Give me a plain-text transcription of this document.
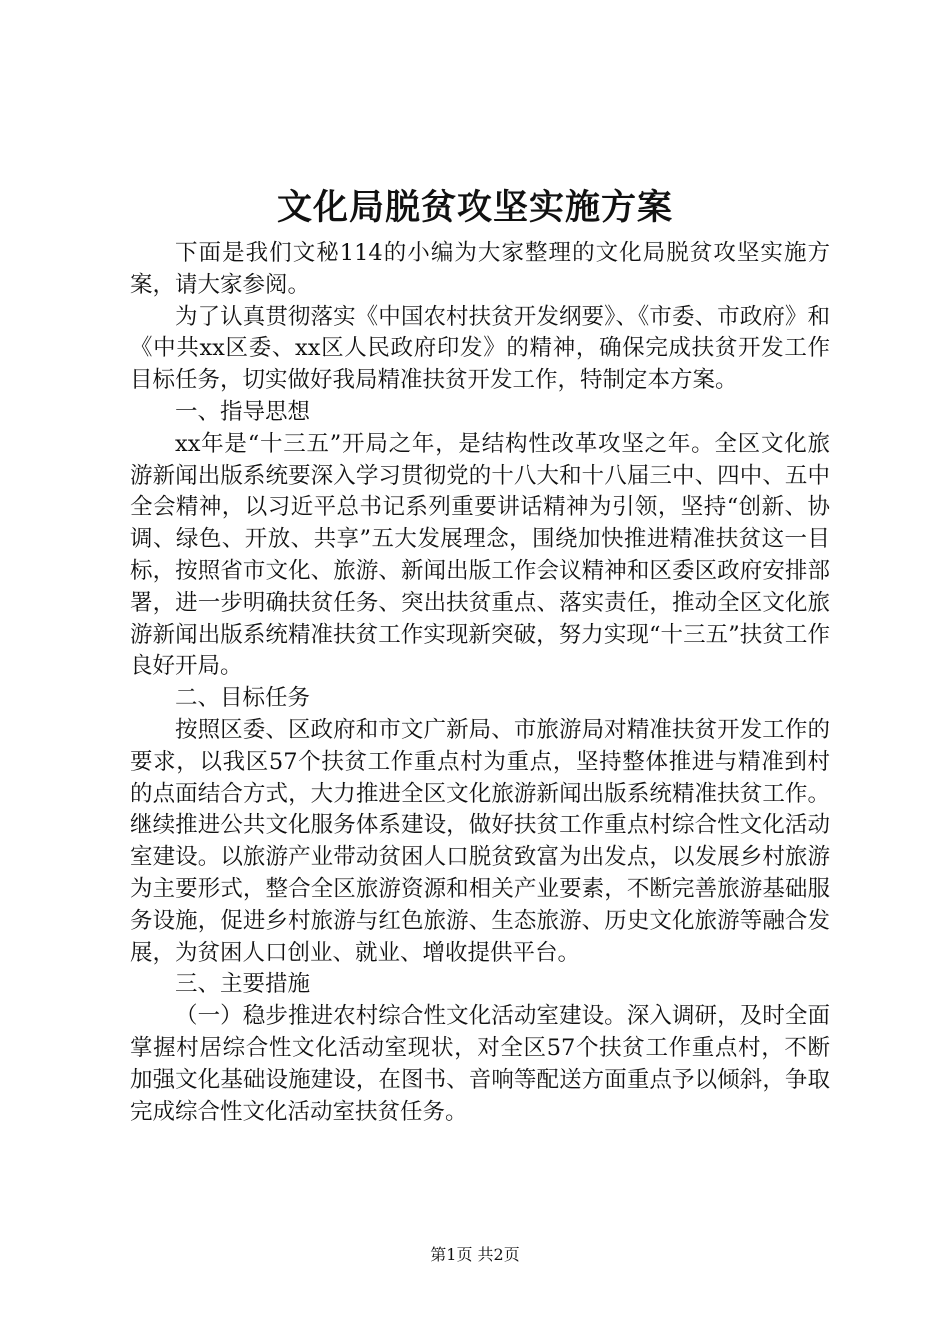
文化局脱贫攻坚实施方案

下面是我们文秘114的小编为大家整理的文化局脱贫攻坚实施方案，请大家参阅。

为了认真贯彻落实《中国农村扶贫开发纲要》、《市委、市政府》和《中共xx区委、xx区人民政府印发》的精神，确保完成扶贫开发工作目标任务，切实做好我局精准扶贫开发工作，特制定本方案。

一、指导思想

xx年是“十三五”开局之年，是结构性改革攻坚之年。全区文化旅游新闻出版系统要深入学习贯彻党的十八大和十八届三中、四中、五中全会精神，以习近平总书记系列重要讲话精神为引领，坚持“创新、协调、绿色、开放、共享”五大发展理念，围绕加快推进精准扶贫这一目标，按照省市文化、旅游、新闻出版工作会议精神和区委区政府安排部署，进一步明确扶贫任务、突出扶贫重点、落实责任，推动全区文化旅游新闻出版系统精准扶贫工作实现新突破，努力实现“十三五”扶贫工作良好开局。

二、目标任务

按照区委、区政府和市文广新局、市旅游局对精准扶贫开发工作的要求，以我区57个扶贫工作重点村为重点，坚持整体推进与精准到村的点面结合方式，大力推进全区文化旅游新闻出版系统精准扶贫工作。继续推进公共文化服务体系建设，做好扶贫工作重点村综合性文化活动室建设。以旅游产业带动贫困人口脱贫致富为出发点，以发展乡村旅游为主要形式，整合全区旅游资源和相关产业要素，不断完善旅游基础服务设施，促进乡村旅游与红色旅游、生态旅游、历史文化旅游等融合发展，为贫困人口创业、就业、增收提供平台。

三、主要措施

（一）稳步推进农村综合性文化活动室建设。深入调研，及时全面掌握村居综合性文化活动室现状，对全区57个扶贫工作重点村，不断加强文化基础设施建设，在图书、音响等配送方面重点予以倾斜，争取完成综合性文化活动室扶贫任务。

第1页 共2页
